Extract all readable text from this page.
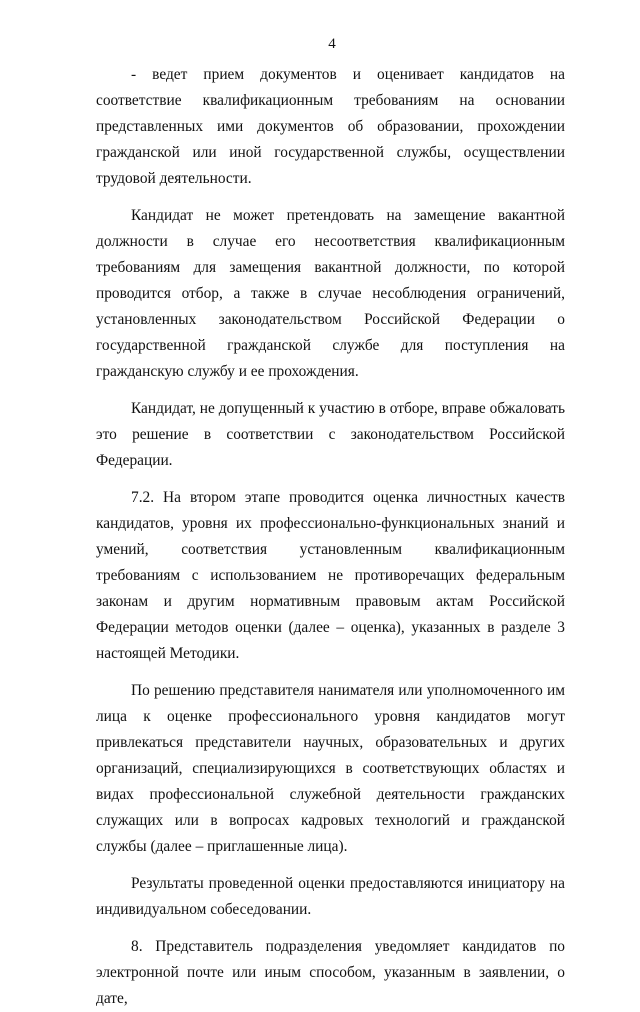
4

- ведет прием документов и оценивает кандидатов на соответствие квалификационным требованиям на основании представленных ими документов об образовании, прохождении гражданской или иной государственной службы, осуществлении трудовой деятельности.

Кандидат не может претендовать на замещение вакантной должности в случае его несоответствия квалификационным требованиям для замещения вакантной должности, по которой проводится отбор, а также в случае несоблюдения ограничений, установленных законодательством Российской Федерации о государственной гражданской службе для поступления на гражданскую службу и ее прохождения.

Кандидат, не допущенный к участию в отборе, вправе обжаловать это решение в соответствии с законодательством Российской Федерации.

7.2. На втором этапе проводится оценка личностных качеств кандидатов, уровня их профессионально-функциональных знаний и умений, соответствия установленным квалификационным требованиям с использованием не противоречащих федеральным законам и другим нормативным правовым актам Российской Федерации методов оценки (далее – оценка), указанных в разделе 3 настоящей Методики.

По решению представителя нанимателя или уполномоченного им лица к оценке профессионального уровня кандидатов могут привлекаться представители научных, образовательных и других организаций, специализирующихся в соответствующих областях и видах профессиональной служебной деятельности гражданских служащих или в вопросах кадровых технологий и гражданской службы (далее – приглашенные лица).

Результаты проведенной оценки предоставляются инициатору на индивидуальном собеседовании.

8. Представитель подразделения уведомляет кандидатов по электронной почте или иным способом, указанным в заявлении, о дате,
